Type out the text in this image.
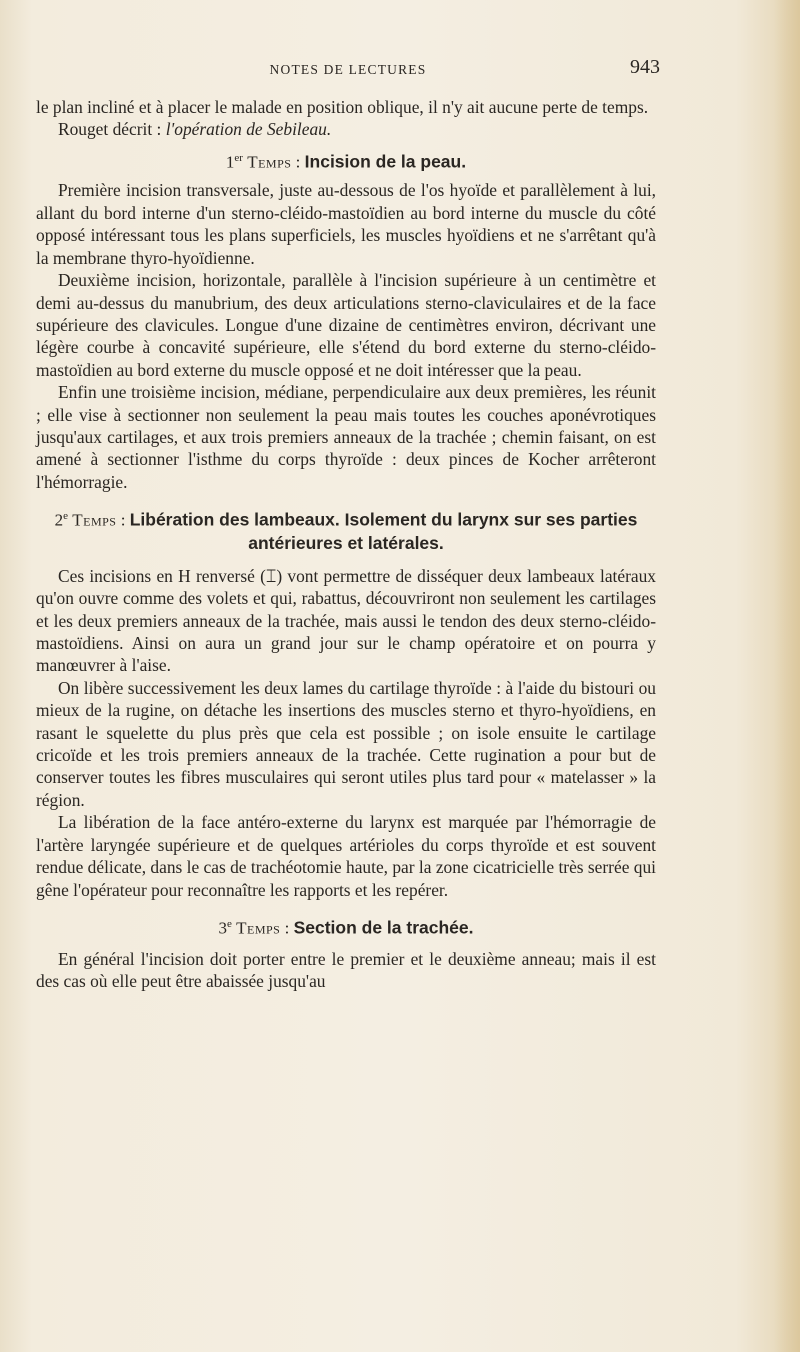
NOTES DE LECTURES	943

le plan incliné et à placer le malade en position oblique, il n'y ait aucune perte de temps.

Rouget décrit : l'opération de Sebileau.

1er Temps : Incision de la peau.

Première incision transversale, juste au-dessous de l'os hyoïde et parallèlement à lui, allant du bord interne d'un sterno-cléido-mastoïdien au bord interne du muscle du côté opposé intéressant tous les plans superficiels, les muscles hyoïdiens et ne s'arrêtant qu'à la membrane thyro-hyoïdienne.

Deuxième incision, horizontale, parallèle à l'incision supérieure à un centimètre et demi au-dessus du manubrium, des deux articulations sterno-claviculaires et de la face supérieure des clavicules. Longue d'une dizaine de centimètres environ, décrivant une légère courbe à concavité supérieure, elle s'étend du bord externe du sterno-cléido-mastoïdien au bord externe du muscle opposé et ne doit intéresser que la peau.

Enfin une troisième incision, médiane, perpendiculaire aux deux premières, les réunit ; elle vise à sectionner non seulement la peau mais toutes les couches aponévrotiques jusqu'aux cartilages, et aux trois premiers anneaux de la trachée ; chemin faisant, on est amené à sectionner l'isthme du corps thyroïde : deux pinces de Kocher arrêteront l'hémorragie.

2e Temps : Libération des lambeaux. Isolement du larynx sur ses parties antérieures et latérales.

Ces incisions en H renversé (⌶) vont permettre de disséquer deux lambeaux latéraux qu'on ouvre comme des volets et qui, rabattus, découvriront non seulement les cartilages et les deux premiers anneaux de la trachée, mais aussi le tendon des deux sterno-cléido-mastoïdiens. Ainsi on aura un grand jour sur le champ opératoire et on pourra y manœuvrer à l'aise.

On libère successivement les deux lames du cartilage thyroïde : à l'aide du bistouri ou mieux de la rugine, on détache les insertions des muscles sterno et thyro-hyoïdiens, en rasant le squelette du plus près que cela est possible ; on isole ensuite le cartilage cricoïde et les trois premiers anneaux de la trachée. Cette rugination a pour but de conserver toutes les fibres musculaires qui seront utiles plus tard pour « matelasser » la région.

La libération de la face antéro-externe du larynx est marquée par l'hémorragie de l'artère laryngée supérieure et de quelques artérioles du corps thyroïde et est souvent rendue délicate, dans le cas de trachéotomie haute, par la zone cicatricielle très serrée qui gêne l'opérateur pour reconnaître les rapports et les repérer.

3e Temps : Section de la trachée.

En général l'incision doit porter entre le premier et le deuxième anneau; mais il est des cas où elle peut être abaissée jusqu'au
